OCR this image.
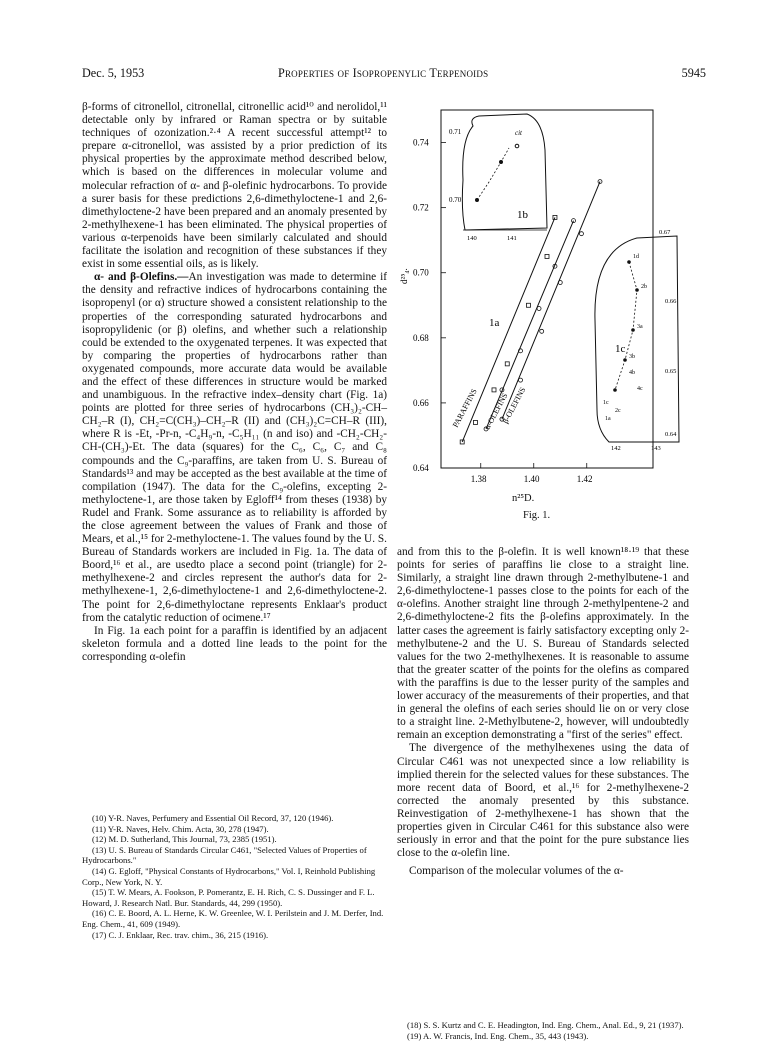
Dec. 5, 1953	Properties of Isopropenylic Terpenoids	5945

β-forms of citronellol, citronellal, citronellic acid¹⁰ and nerolidol,¹¹ detectable only by infrared or Raman spectra or by suitable techniques of ozonization.²·⁴ A recent successful attempt¹² to prepare α-citronellol, was assisted by a prior prediction of its physical properties by the approximate method described below, which is based on the differences in molecular volume and molecular refraction of α- and β-olefinic hydrocarbons. To provide a surer basis for these predictions 2,6-dimethyloctene-1 and 2,6-dimethyloctene-2 have been prepared and an anomaly presented by 2-methylhexene-1 has been eliminated. The physical properties of various α-terpenoids have been similarly calculated and should facilitate the isolation and recognition of these substances if they exist in some essential oils, as is likely.

α- and β-Olefins.—An investigation was made to determine if the density and refractive indices of hydrocarbons containing the isopropenyl (or α) structure showed a consistent relationship to the properties of the corresponding saturated hydrocarbons and isopropylidenic (or β) olefins, and whether such a relationship could be extended to the oxygenated terpenes. It was expected that by comparing the properties of hydrocarbons rather than oxygenated compounds, more accurate data would be available and the effect of these differences in structure would be marked and unambiguous. In the refractive index–density chart (Fig. 1a) points are plotted for three series of hydrocarbons (CH₃)₂-CH–CH₂–R (I), CH₂=C(CH₃)–CH₂–R (II) and (CH₃)₂C=CH–R (III), where R is -Et, -Pr-n, -C₄H₉-n, -C₅H₁₁ (n and iso) and -CH₂-CH₂-CH-(CH₃)-Et. The data (squares) for the C₆, C₆, C₇ and C₈ compounds and the C₉-paraffins, are taken from U. S. Bureau of Standards¹³ and may be accepted as the best available at the time of compilation (1947). The data for the C₉-olefins, excepting 2-methyloctene-1, are those taken by Egloff¹⁴ from theses (1938) by Rudel and Frank. Some assurance as to reliability is afforded by the close agreement between the values of Frank and those of Mears, et al.,¹⁵ for 2-methyloctene-1. The values found by the U. S. Bureau of Standards workers are included in Fig. 1a. The data of Boord,¹⁶ et al., are usedto place a second point (triangle) for 2-methylhexene-2 and circles represent the author's data for 2-methylhexene-1, 2,6-dimethyloctene-1 and 2,6-dimethyloctene-2. The point for 2,6-dimethyloctane represents Enklaar's product from the catalytic reduction of ocimene.¹⁷

In Fig. 1a each point for a paraffin is identified by an adjacent skeleton formula and a dotted line leads to the point for the corresponding α-olefin

(10) Y-R. Naves, Perfumery and Essential Oil Record, 37, 120 (1946).

(11) Y-R. Naves, Helv. Chim. Acta, 30, 278 (1947).

(12) M. D. Sutherland, This Journal, 73, 2385 (1951).

(13) U. S. Bureau of Standards Circular C461, "Selected Values of Properties of Hydrocarbons."

(14) G. Egloff, "Physical Constants of Hydrocarbons," Vol. I, Reinhold Publishing Corp., New York, N. Y.

(15) T. W. Mears, A. Fookson, P. Pomerantz, E. H. Rich, C. S. Dussinger and F. L. Howard, J. Research Natl. Bur. Standards, 44, 299 (1950).

(16) C. E. Boord, A. L. Herne, K. W. Greenlee, W. I. Perilstein and J. M. Derfer, Ind. Eng. Chem., 41, 609 (1949).

(17) C. J. Enklaar, Rec. trav. chim., 36, 215 (1916).

0.74
0.72
0.70
0.68
0.66
0.64
1.38	1.40	1.42
d²⁵₄.
0.71
0.70
140	141
cit
1b
0.67
0.66
0.65
0.64
142	143
1c
1d
2b
3a
3b
4b
1c
2c
4c
1a
1a
PARAFFINS α-OLEFINS
β-OLEFINS
n²⁵D.
Fig. 1.

and from this to the β-olefin. It is well known¹⁸·¹⁹ that these points for series of paraffins lie close to a straight line. Similarly, a straight line drawn through 2-methylbutene-1 and 2,6-dimethyloctene-1 passes close to the points for each of the α-olefins. Another straight line through 2-methylpentene-2 and 2,6-dimethyloctene-2 fits the β-olefins approximately. In the latter cases the agreement is fairly satisfactory excepting only 2-methylbutene-2 and the U. S. Bureau of Standards selected values for the two 2-methylhexenes. It is reasonable to assume that the greater scatter of the points for the olefins as compared with the paraffins is due to the lesser purity of the samples and lower accuracy of the measurements of their properties, and that in general the olefins of each series should lie on or very close to a straight line. 2-Methylbutene-2, however, will undoubtedly remain an exception demonstrating a "first of the series" effect.

The divergence of the methylhexenes using the data of Circular C461 was not unexpected since a low reliability is implied therein for the selected values for these substances. The more recent data of Boord, et al.,¹⁶ for 2-methylhexene-2 corrected the anomaly presented by this substance. Reinvestigation of 2-methylhexene-1 has shown that the properties given in Circular C461 for this substance also were seriously in error and that the point for the pure substance lies close to the α-olefin line.

Comparison of the molecular volumes of the α-

(18) S. S. Kurtz and C. E. Headington, Ind. Eng. Chem., Anal. Ed., 9, 21 (1937).

(19) A. W. Francis, Ind. Eng. Chem., 35, 443 (1943).
